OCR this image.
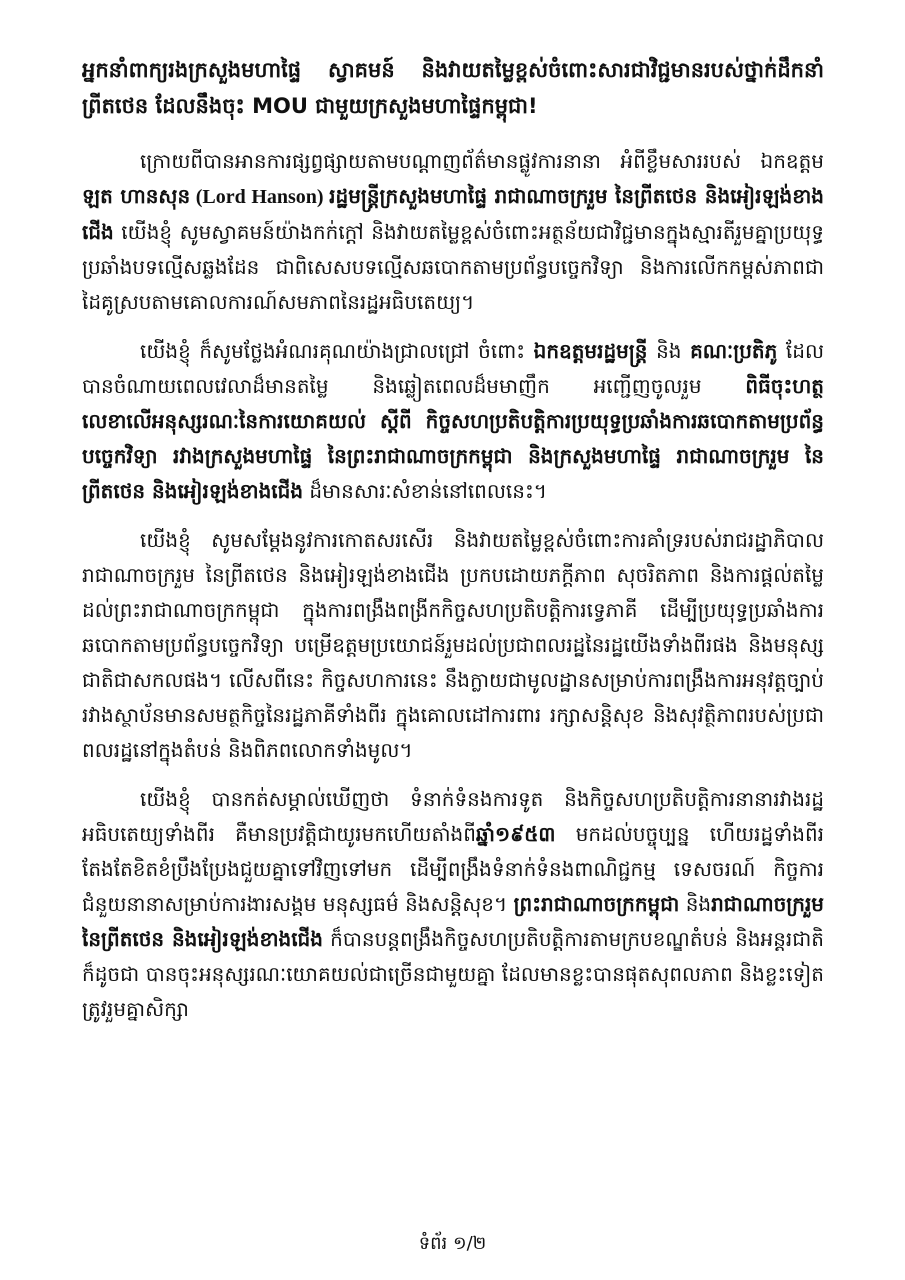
អ្នកនាំពាក្យរងក្រសួងមហាផ្ទៃ ស្វាគមន៍ និងវាយតម្លៃខ្ពស់ចំពោះសារជាវិជ្ជមានរបស់ថ្នាក់ដឹកនាំព្រីតថេន ដែលនឹងចុះ MOU ជាមួយក្រសួងមហាផ្ទៃកម្ពុជា!

ក្រោយពីបានអានការផ្សព្វផ្សាយតាមបណ្ដាញព័ត៌មានផ្លូវការនានា អំពីខ្លឹមសាររបស់ ឯកឧត្តម ឡត ហានសុន (Lord Hanson) រដ្ឋមន្ត្រីក្រសួងមហាផ្ទៃ រាជាណាចក្ររួម នៃព្រីតថេន និងអៀរឡង់ខាងជើង យើងខ្ញុំ សូមស្វាគមន៍យ៉ាងកក់ក្ដៅ និងវាយតម្លៃខ្ពស់ចំពោះអត្ថន័យជាវិជ្ជមានក្នុងស្មារតីរួមគ្នាប្រយុទ្ធប្រឆាំងបទល្មើសឆ្លងដែន ជាពិសេសបទល្មើសឆបោកតាមប្រព័ន្ធបច្ចេកវិទ្យា និងការលើកកម្ពស់ភាពជាដៃគូស្របតាមគោលការណ៍សមភាពនៃរដ្ឋអធិបតេយ្យ។

យើងខ្ញុំ ក៏សូមថ្លែងអំណរគុណយ៉ាងជ្រាលជ្រៅ ចំពោះ ឯកឧត្តមរដ្ឋមន្ត្រី និង គណៈប្រតិភូ ដែលបានចំណាយពេលវេលាដ៏មានតម្លៃ និងឆ្លៀតពេលដ៏មមាញឹក អញ្ជើញចូលរួម ពិធីចុះហត្ថលេខាលើអនុស្សរណៈនៃការយោគយល់ ស្ដីពី កិច្ចសហប្រតិបត្តិការប្រយុទ្ធប្រឆាំងការឆបោកតាមប្រព័ន្ធបច្ចេកវិទ្យា រវាងក្រសួងមហាផ្ទៃ នៃព្រះរាជាណាចក្រកម្ពុជា និងក្រសួងមហាផ្ទៃ រាជាណាចក្ររួម នៃព្រីតថេន និងអៀរឡង់ខាងជើង ដ៏មានសារៈសំខាន់នៅពេលនេះ។

យើងខ្ញុំ សូមសម្ដែងនូវការកោតសរសើរ និងវាយតម្លៃខ្ពស់ចំពោះការគាំទ្ររបស់រាជរដ្ឋាភិបាលរាជាណាចក្ររួម នៃព្រីតថេន និងអៀរឡង់ខាងជើង ប្រកបដោយភក្ដីភាព សុចរិតភាព និងការផ្ដល់តម្លៃដល់ព្រះរាជាណាចក្រកម្ពុជា ក្នុងការពង្រឹងពង្រីកកិច្ចសហប្រតិបត្តិការទ្វេភាគី ដើម្បីប្រយុទ្ធប្រឆាំងការឆបោកតាមប្រព័ន្ធបច្ចេកវិទ្យា បម្រើឧត្តមប្រយោជន៍រួមដល់ប្រជាពលរដ្ឋនៃរដ្ឋយើងទាំងពីរផង និងមនុស្សជាតិជាសកលផង។ លើសពីនេះ កិច្ចសហការនេះ នឹងក្លាយជាមូលដ្ឋានសម្រាប់ការពង្រឹងការអនុវត្តច្បាប់រវាងស្ថាប័នមានសមត្ថកិច្ចនៃរដ្ឋភាគីទាំងពីរ ក្នុងគោលដៅការពារ រក្សាសន្តិសុខ និងសុវត្ថិភាពរបស់ប្រជាពលរដ្ឋនៅក្នុងតំបន់ និងពិភពលោកទាំងមូល។

យើងខ្ញុំ បានកត់សម្គាល់ឃើញថា ទំនាក់ទំនងការទូត និងកិច្ចសហប្រតិបត្តិការនានារវាងរដ្ឋអធិបតេយ្យទាំងពីរ គឺមានប្រវត្តិជាយូរមកហើយតាំងពីឆ្នាំ១៩៥៣ មកដល់បច្ចុប្បន្ន ហើយរដ្ឋទាំងពីរ តែងតែខិតខំប្រឹងប្រែងជួយគ្នាទៅវិញទៅមក ដើម្បីពង្រឹងទំនាក់ទំនងពាណិជ្ជកម្ម ទេសចរណ៍ កិច្ចការជំនួយនានាសម្រាប់ការងារសង្គម មនុស្សធម៌ និងសន្តិសុខ។ ព្រះរាជាណាចក្រកម្ពុជា និងរាជាណាចក្ររួម នៃព្រីតថេន និងអៀរឡង់ខាងជើង ក៏បានបន្តពង្រឹងកិច្ចសហប្រតិបត្តិការតាមក្របខណ្ឌតំបន់ និងអន្តរជាតិ ក៏ដូចជា បានចុះអនុស្សរណៈយោគយល់ជាច្រើនជាមួយគ្នា ដែលមានខ្លះបានផុតសុពលភាព និងខ្លះទៀត ត្រូវរួមគ្នាសិក្សា

ទំព័រ ១/២
